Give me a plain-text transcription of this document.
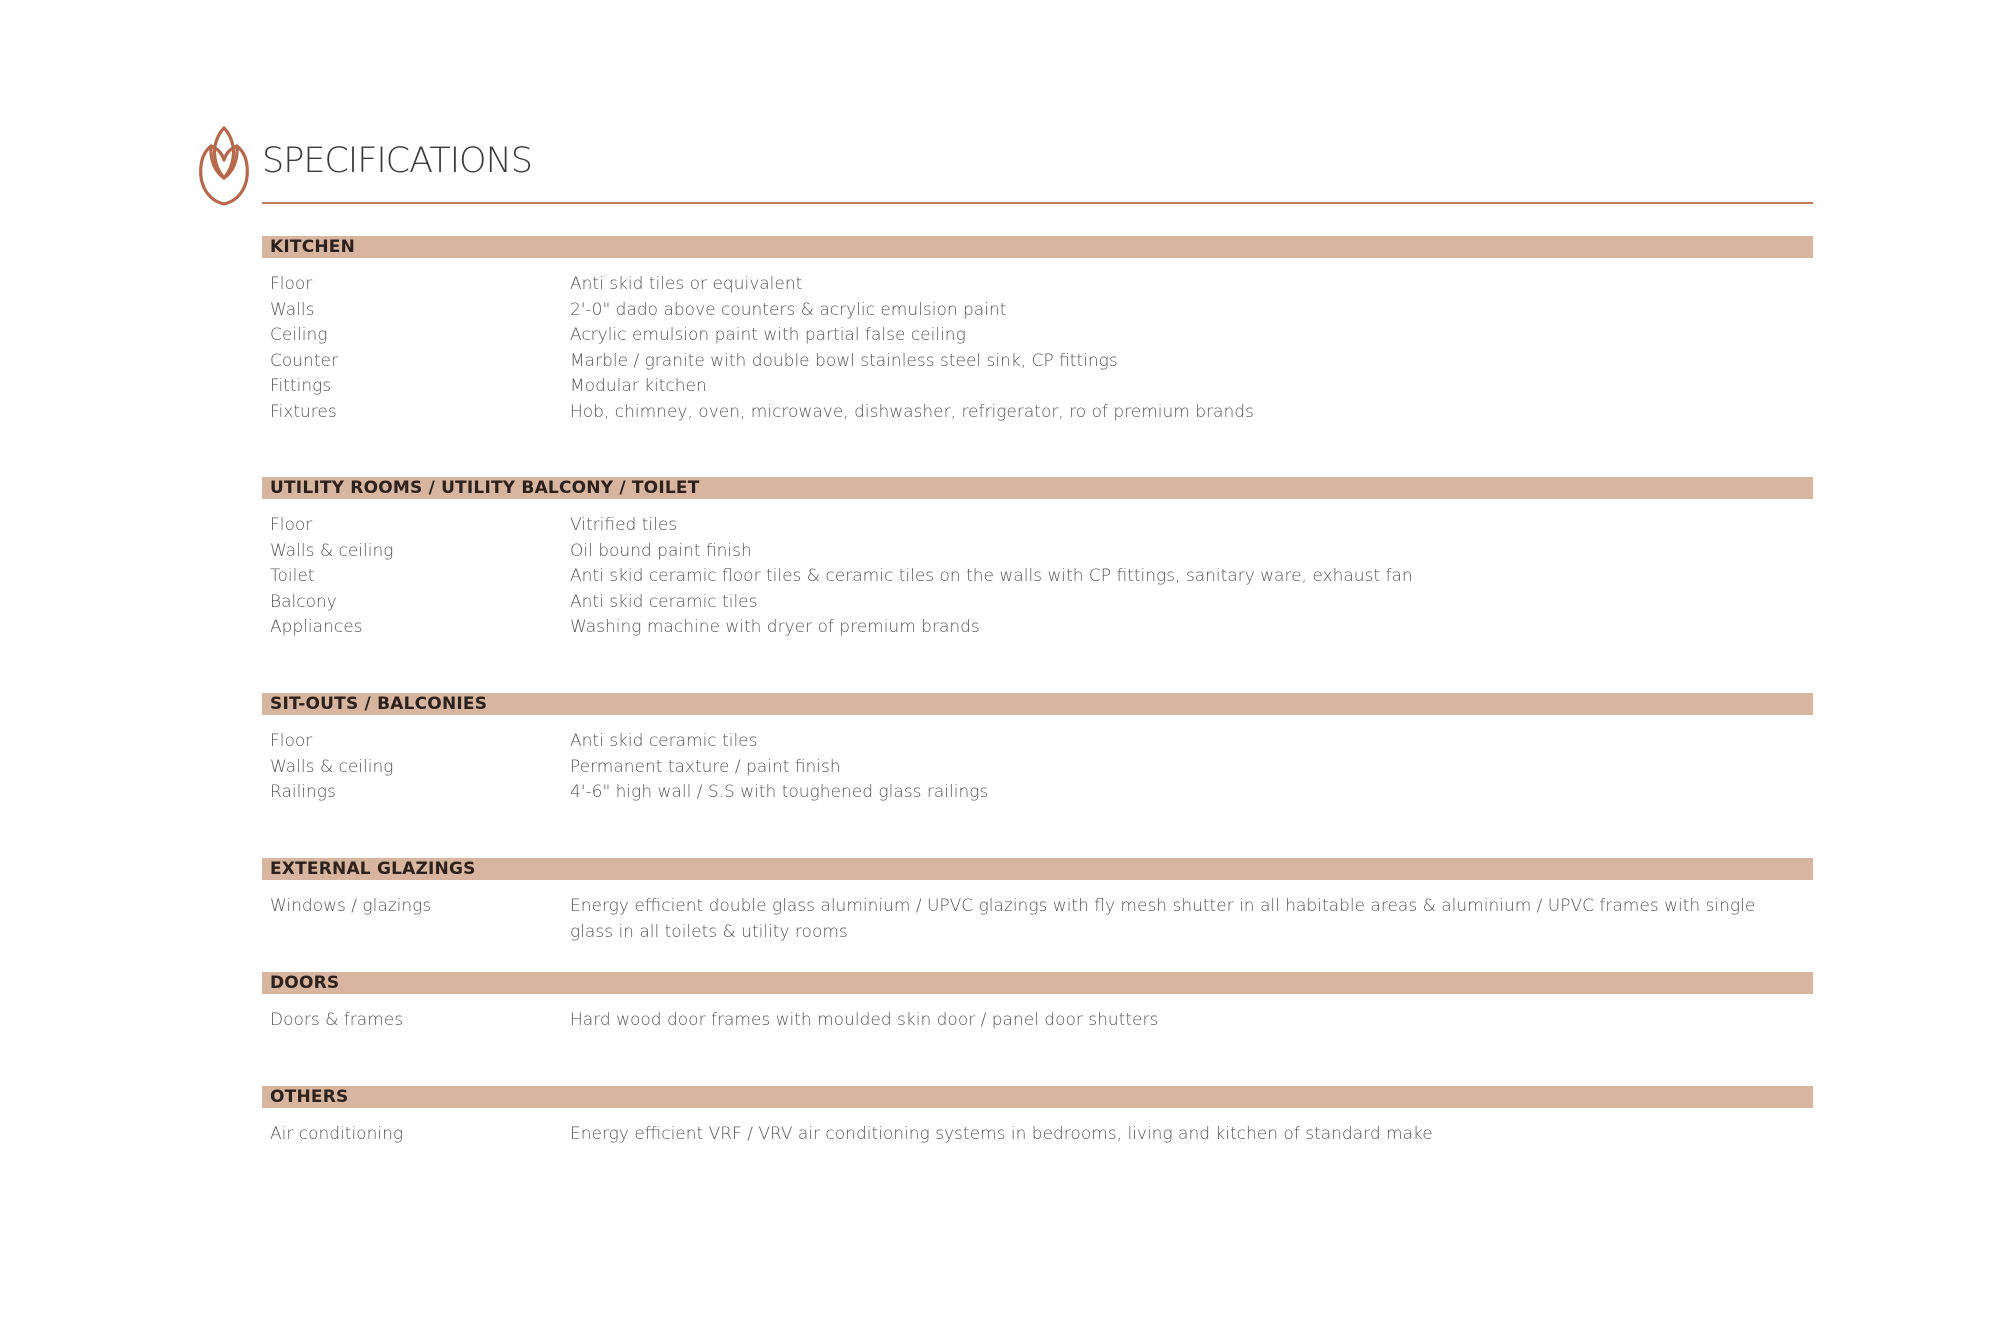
SPECIFICATIONS
KITCHEN
Floor	Anti skid tiles or equivalent
Walls	2'-0" dado above counters & acrylic emulsion paint
Ceiling	Acrylic emulsion paint with partial false ceiling
Counter	Marble / granite with double bowl stainless steel sink, CP fittings
Fittings	Modular kitchen
Fixtures	Hob, chimney, oven, microwave, dishwasher, refrigerator, ro of premium brands
UTILITY ROOMS / UTILITY BALCONY / TOILET
Floor	Vitrified tiles
Walls & ceiling	Oil bound paint finish
Toilet	Anti skid ceramic floor tiles & ceramic tiles on the walls with CP fittings, sanitary ware, exhaust fan
Balcony	Anti skid ceramic tiles
Appliances	Washing machine with dryer of premium brands
SIT-OUTS / BALCONIES
Floor	Anti skid ceramic tiles
Walls & ceiling	Permanent taxture / paint finish
Railings	4'-6" high wall / S.S with toughened glass railings
EXTERNAL GLAZINGS
Windows / glazings	Energy efficient double glass aluminium / UPVC glazings with fly mesh shutter in all habitable areas & aluminium / UPVC frames with single glass in all toilets & utility rooms
DOORS
Doors & frames	Hard wood door frames with moulded skin door / panel door shutters
OTHERS
Air conditioning	Energy efficient VRF / VRV air conditioning systems in bedrooms, living and kitchen of standard make
